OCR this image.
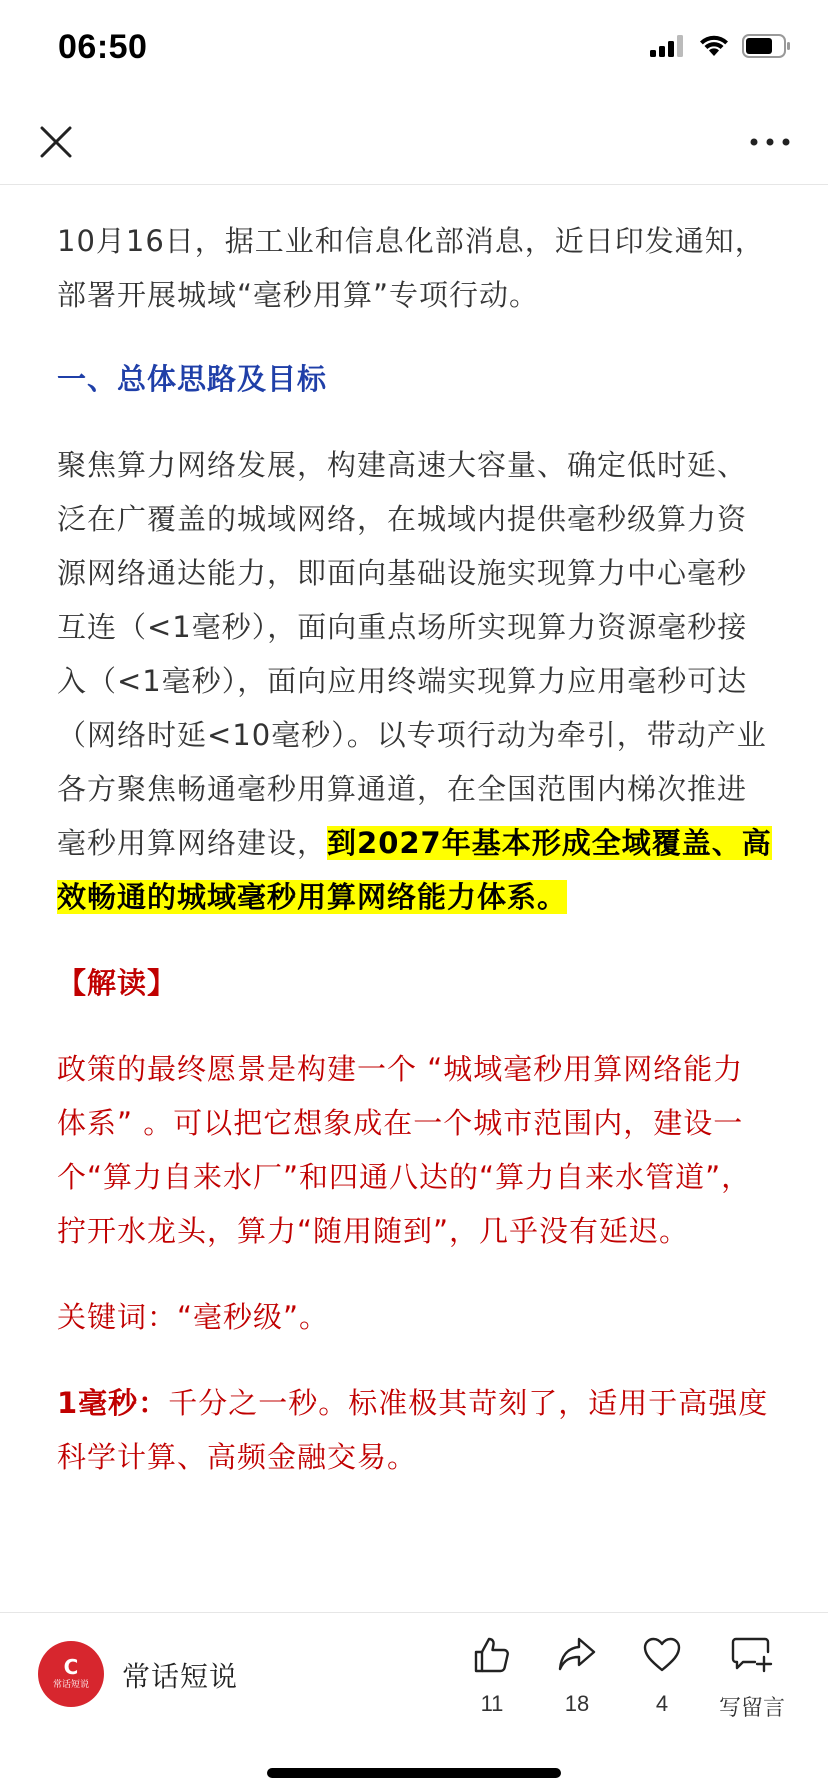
06:50

10月16日，据工业和信息化部消息，近日印发通知，部署开展城域“毫秒用算”专项行动。

一、总体思路及目标

聚焦算力网络发展，构建高速大容量、确定低时延、泛在广覆盖的城域网络，在城域内提供毫秒级算力资源网络通达能力，即面向基础设施实现算力中心毫秒互连（<1毫秒），面向重点场所实现算力资源毫秒接入（<1毫秒），面向应用终端实现算力应用毫秒可达（网络时延<10毫秒）。以专项行动为牵引，带动产业各方聚焦畅通毫秒用算通道，在全国范围内梯次推进毫秒用算网络建设，到2027年基本形成全域覆盖、高效畅通的城域毫秒用算网络能力体系。

【解读】

政策的最终愿景是构建一个 “城域毫秒用算网络能力体系” 。可以把它想象成在一个城市范围内，建设一个“算力自来水厂”和四通八达的“算力自来水管道”，拧开水龙头，算力“随用随到”，几乎没有延迟。

关键词：“毫秒级”。

1毫秒：千分之一秒。标准极其苛刻了，适用于高强度科学计算、高频金融交易。

C
常话短说 常话短说
11	18	4 写留言
